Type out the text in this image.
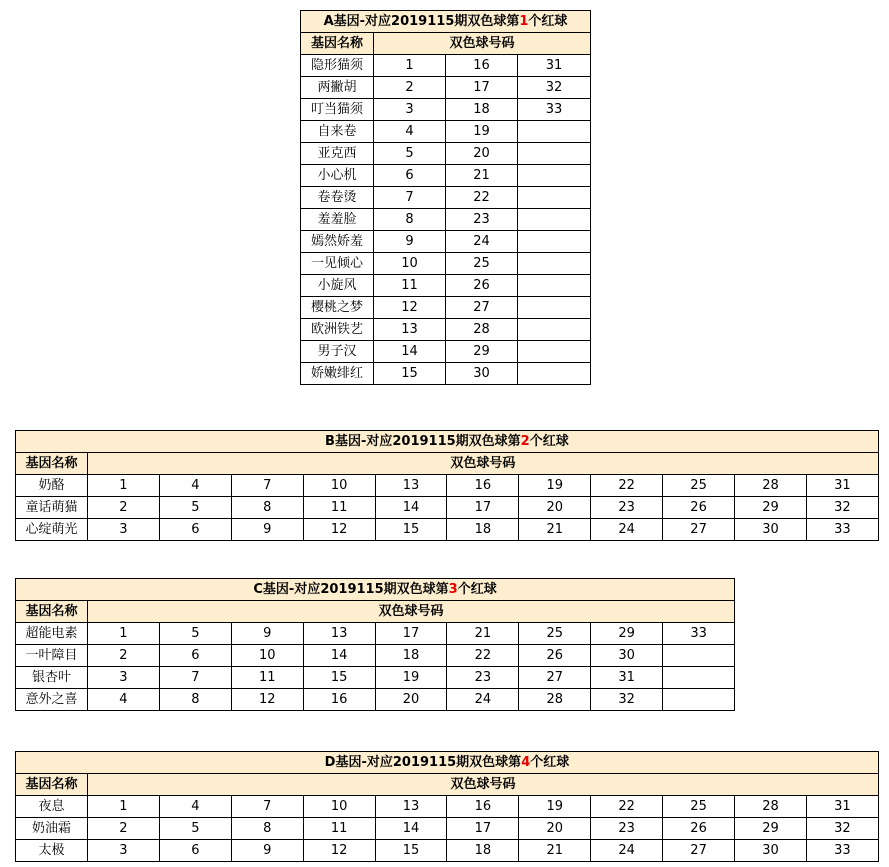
A基因-对应2019115期双色球第1个红球			
基因名称	双色球号码		
隐形猫须	1	16	31
两撇胡	2	17	32
叮当猫须	3	18	33
自来卷	4	19	
亚克西	5	20	
小心机	6	21	
卷卷烫	7	22	
羞羞脸	8	23	
嫣然娇羞	9	24	
一见倾心	10	25	
小旋风	11	26	
樱桃之梦	12	27	
欧洲铁艺	13	28	
男子汉	14	29	
娇嫩绯红	15	30	
B基因-对应2019115期双色球第2个红球											
基因名称	双色球号码										
奶酪	1	4	7	10	13	16	19	22	25	28	31
童话萌猫	2	5	8	11	14	17	20	23	26	29	32
心绽萌光	3	6	9	12	15	18	21	24	27	30	33
C基因-对应2019115期双色球第3个红球									
基因名称	双色球号码								
超能电素	1	5	9	13	17	21	25	29	33
一叶障目	2	6	10	14	18	22	26	30	
银杏叶	3	7	11	15	19	23	27	31	
意外之喜	4	8	12	16	20	24	28	32	
D基因-对应2019115期双色球第4个红球											
基因名称	双色球号码										
夜息	1	4	7	10	13	16	19	22	25	28	31
奶油霜	2	5	8	11	14	17	20	23	26	29	32
太极	3	6	9	12	15	18	21	24	27	30	33
